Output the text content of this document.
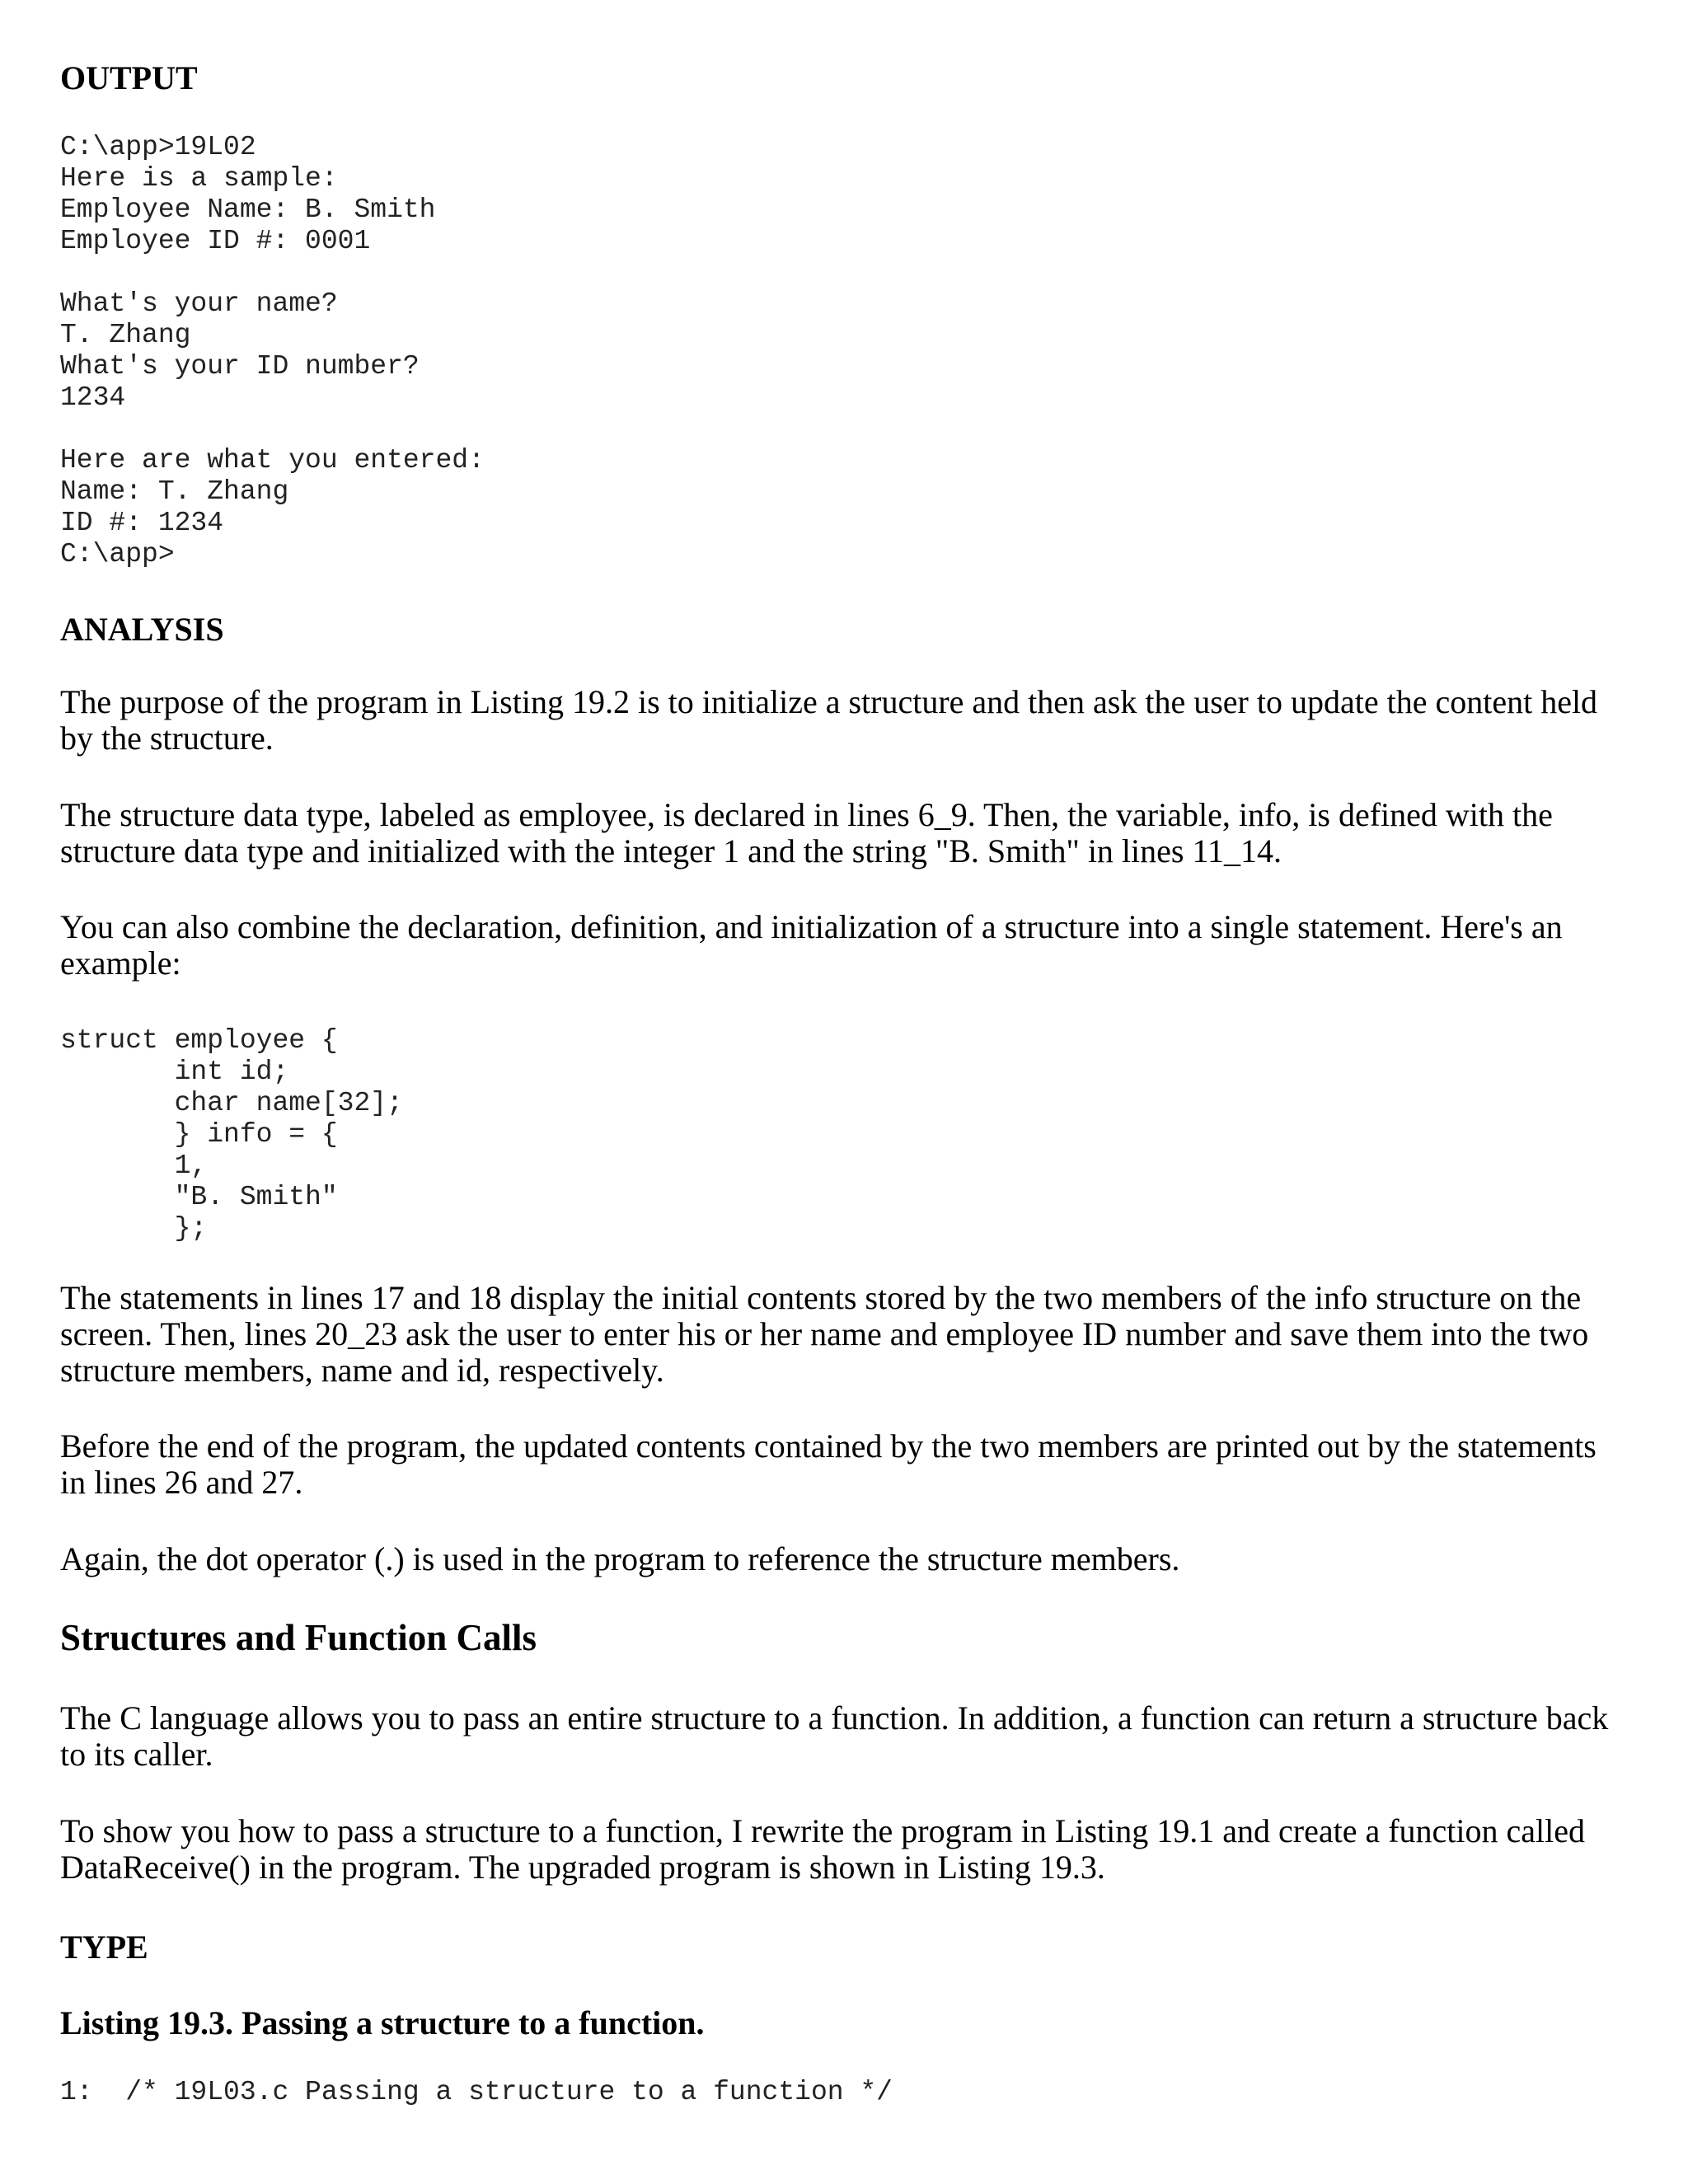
OUTPUT
C:\app>19L02
Here is a sample:
Employee Name: B. Smith
Employee ID #: 0001
What's your name?
T. Zhang
What's your ID number?
1234
Here are what you entered:
Name: T. Zhang
ID #: 1234
C:\app>
ANALYSIS
The purpose of the program in Listing 19.2 is to initialize a structure and then ask the user to update the content held
by the structure.
The structure data type, labeled as employee, is declared in lines 6_9. Then, the variable, info, is defined with the
structure data type and initialized with the integer 1 and the string "B. Smith" in lines 11_14.
You can also combine the declaration, definition, and initialization of a structure into a single statement. Here's an
example:
struct employee {
int id;
char name[32];
} info = {
1,
"B. Smith"
};
The statements in lines 17 and 18 display the initial contents stored by the two members of the info structure on the
screen. Then, lines 20_23 ask the user to enter his or her name and employee ID number and save them into the two
structure members, name and id, respectively.
Before the end of the program, the updated contents contained by the two members are printed out by the statements
in lines 26 and 27.
Again, the dot operator (.) is used in the program to reference the structure members.
Structures and Function Calls
The C language allows you to pass an entire structure to a function. In addition, a function can return a structure back
to its caller.
To show you how to pass a structure to a function, I rewrite the program in Listing 19.1 and create a function called
DataReceive() in the program. The upgraded program is shown in Listing 19.3.
TYPE
Listing 19.3. Passing a structure to a function.
1:  /* 19L03.c Passing a structure to a function */
